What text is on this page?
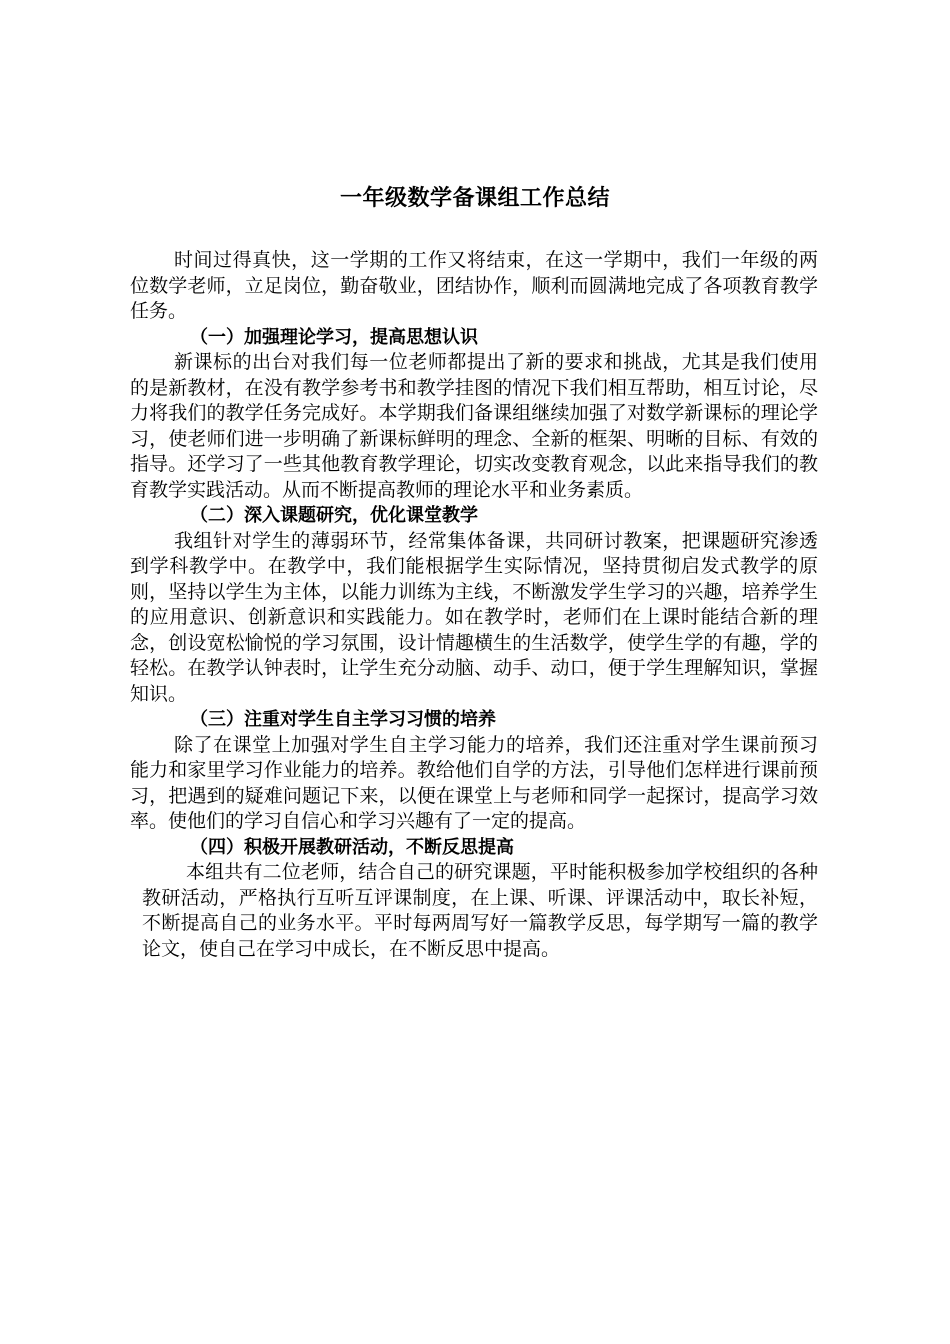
一年级数学备课组工作总结

时间过得真快，这一学期的工作又将结束，在这一学期中，我们一年级的两位数学老师，立足岗位，勤奋敬业，团结协作，顺利而圆满地完成了各项教育教学任务。

（一）加强理论学习，提高思想认识

新课标的出台对我们每一位老师都提出了新的要求和挑战，尤其是我们使用的是新教材，在没有教学参考书和教学挂图的情况下我们相互帮助，相互讨论，尽力将我们的教学任务完成好。本学期我们备课组继续加强了对数学新课标的理论学习，使老师们进一步明确了新课标鲜明的理念、全新的框架、明晰的目标、有效的指导。还学习了一些其他教育教学理论，切实改变教育观念，以此来指导我们的教育教学实践活动。从而不断提高教师的理论水平和业务素质。

（二）深入课题研究，优化课堂教学

我组针对学生的薄弱环节，经常集体备课，共同研讨教案，把课题研究渗透到学科教学中。在教学中，我们能根据学生实际情况，坚持贯彻启发式教学的原则，坚持以学生为主体，以能力训练为主线，不断激发学生学习的兴趣，培养学生的应用意识、创新意识和实践能力。如在教学时，老师们在上课时能结合新的理念，创设宽松愉悦的学习氛围，设计情趣横生的生活数学，使学生学的有趣，学的轻松。在教学认钟表时，让学生充分动脑、动手、动口，便于学生理解知识，掌握知识。

（三）注重对学生自主学习习惯的培养

除了在课堂上加强对学生自主学习能力的培养，我们还注重对学生课前预习能力和家里学习作业能力的培养。教给他们自学的方法，引导他们怎样进行课前预习，把遇到的疑难问题记下来，以便在课堂上与老师和同学一起探讨，提高学习效率。使他们的学习自信心和学习兴趣有了一定的提高。

（四）积极开展教研活动，不断反思提高

本组共有二位老师，结合自己的研究课题，平时能积极参加学校组织的各种教研活动，严格执行互听互评课制度，在上课、听课、评课活动中，取长补短，不断提高自己的业务水平。平时每两周写好一篇教学反思，每学期写一篇的教学论文，使自己在学习中成长，在不断反思中提高。
